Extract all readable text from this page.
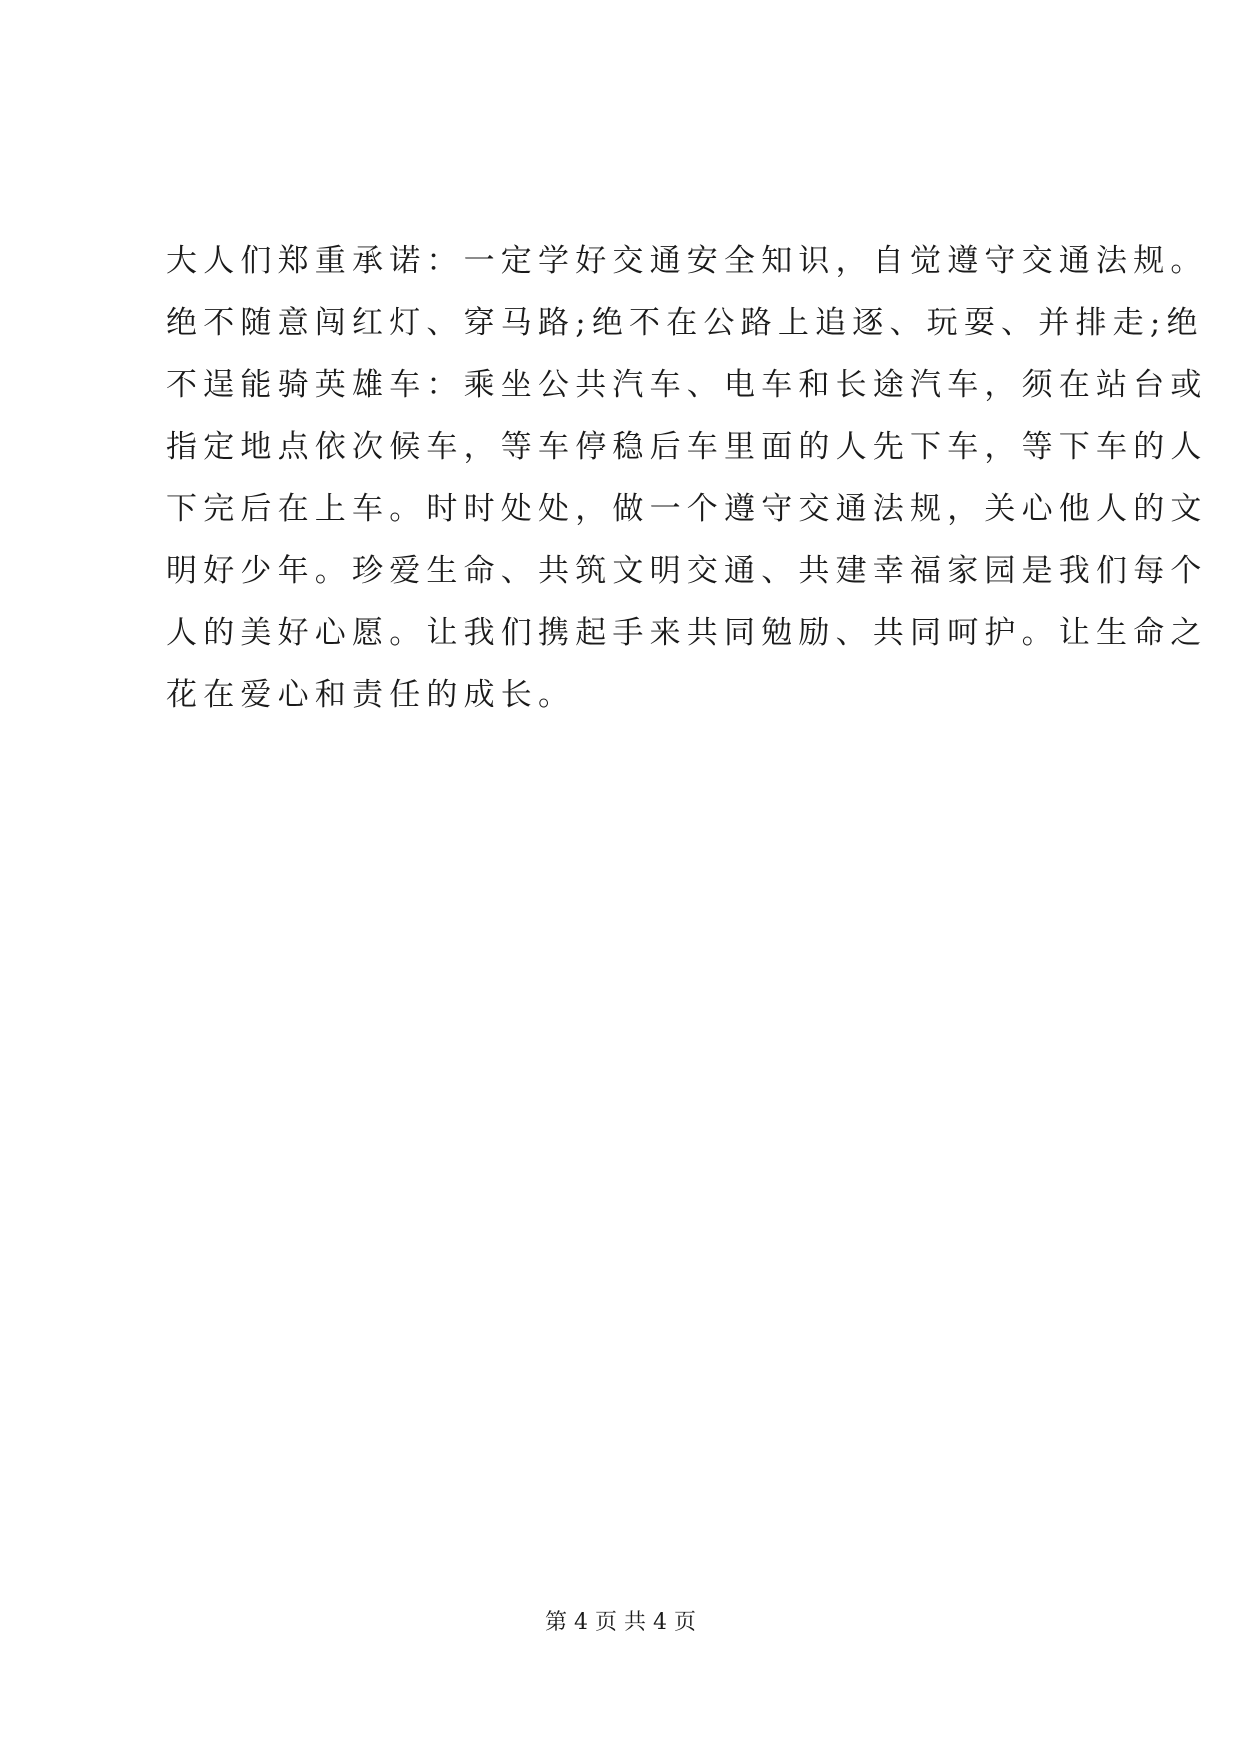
大人们郑重承诺：一定学好交通安全知识，自觉遵守交通法规。
绝不随意闯红灯、穿马路;绝不在公路上追逐、玩耍、并排走;绝
不逞能骑英雄车：乘坐公共汽车、电车和长途汽车，须在站台或
指定地点依次候车，等车停稳后车里面的人先下车，等下车的人
下完后在上车。时时处处，做一个遵守交通法规，关心他人的文
明好少年。珍爱生命、共筑文明交通、共建幸福家园是我们每个
人的美好心愿。让我们携起手来共同勉励、共同呵护。让生命之
花在爱心和责任的成长。
第 4 页 共 4 页
